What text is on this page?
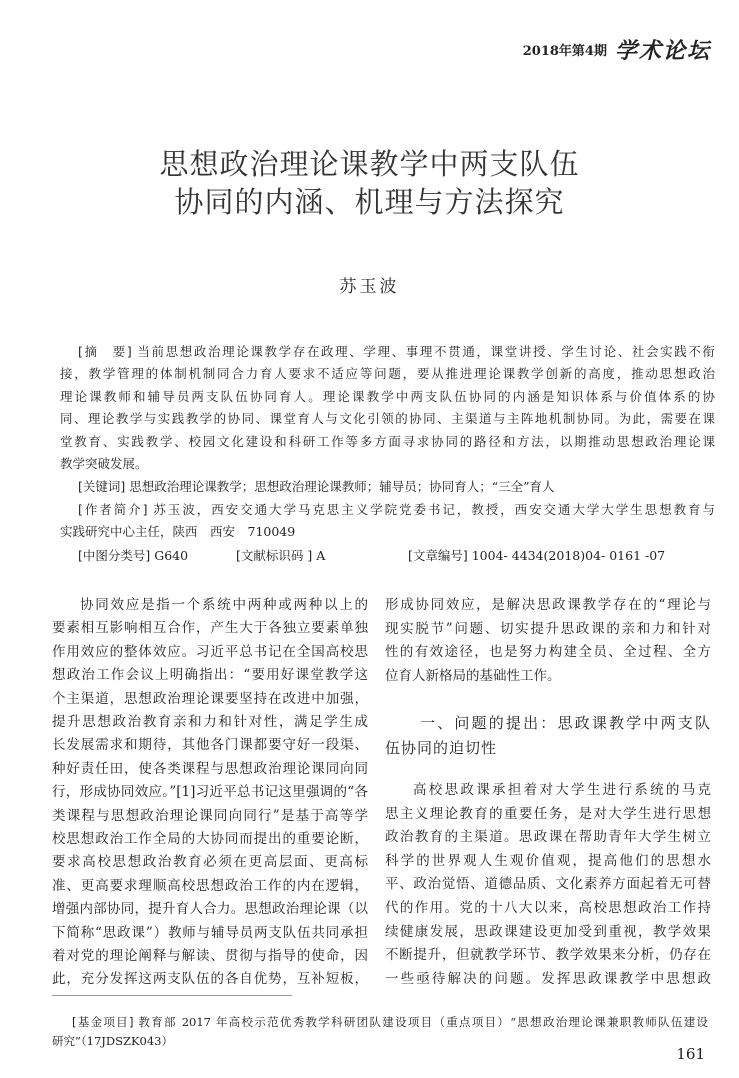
2018年第4期 学术论坛
思想政治理论课教学中两支队伍
协同的内涵、机理与方法探究
苏玉波
161
[摘　要] 当前思想政治理论课教学存在政理、学理、事理不贯通，课堂讲授、学生讨论、社会实践不衔
接，教学管理的体制机制同合力育人要求不适应等问题，要从推进理论课教学创新的高度，推动思想政治
理论课教师和辅导员两支队伍协同育人。理论课教学中两支队伍协同的内涵是知识体系与价值体系的协
同、理论教学与实践教学的协同、课堂育人与文化引领的协同、主渠道与主阵地机制协同。为此，需要在课
堂教育、实践教学、校园文化建设和科研工作等多方面寻求协同的路径和方法，以期推动思想政治理论课
教学突破发展。
[关键词] 思想政治理论课教学；思想政治理论课教师；辅导员；协同育人；“三全”育人
[作者简介] 苏玉波，西安交通大学马克思主义学院党委书记，教授，西安交通大学大学生思想教育与
实践研究中心主任，陕西　西安　710049
[中图分类号] G640	[文献标识码 ] A	[文章编号] 1004- 4434(2018)04- 0161 -07
协同效应是指一个系统中两种或两种以上的
要素相互影响相互合作，产生大于各独立要素单独
作用效应的整体效应。习近平总书记在全国高校思
想政治工作会议上明确指出：“要用好课堂教学这
个主渠道，思想政治理论课要坚持在改进中加强，
提升思想政治教育亲和力和针对性，满足学生成
长发展需求和期待，其他各门课都要守好一段渠、
种好责任田，使各类课程与思想政治理论课同向同
行，形成协同效应。”[1]习近平总书记这里强调的“各
类课程与思想政治理论课同向同行”是基于高等学
校思想政治工作全局的大协同而提出的重要论断，
要求高校思想政治教育必须在更高层面、更高标
准、更高要求理顺高校思想政治工作的内在逻辑，
增强内部协同，提升育人合力。思想政治理论课（以
下简称“思政课”）教师与辅导员两支队伍共同承担
着对党的理论阐释与解读、贯彻与指导的使命，因
此，充分发挥这两支队伍的各自优势，互补短板，
形成协同效应，是解决思政课教学存在的“理论与
现实脱节”问题、切实提升思政课的亲和力和针对
性的有效途径，也是努力构建全员、全过程、全方
位育人新格局的基础性工作。
一、问题的提出：思政课教学中两支队
伍协同的迫切性
高校思政课承担着对大学生进行系统的马克
思主义理论教育的重要任务，是对大学生进行思想
政治教育的主渠道。思政课在帮助青年大学生树立
科学的世界观人生观价值观，提高他们的思想水
平、政治觉悟、道德品质、文化素养方面起着无可替
代的作用。党的十八大以来，高校思想政治工作持
续健康发展，思政课建设更加受到重视，教学效果
不断提升，但就教学环节、教学效果来分析，仍存在
一些亟待解决的问题。发挥思政课教学中思想政
[基金项目] 教育部 2017 年高校示范优秀教学科研团队建设项目（重点项目）“思想政治理论课兼职教师队伍建设
研究”（17JDSZK043）
